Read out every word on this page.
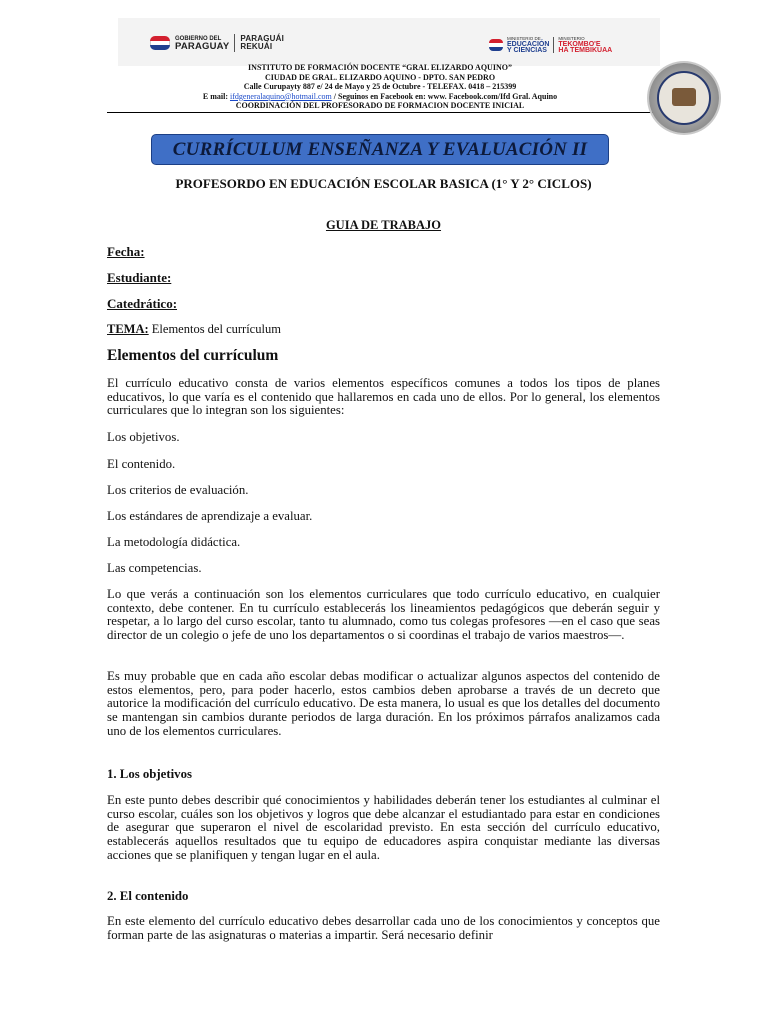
GOBIERNO DEL
PARAGUAY
PARAGUÁI
REKUÁI
MINISTERIO DE
EDUCACIÓN
Y CIENCIAS
MINISTERIO
TEKOMBO'E
HA TEMBIKUAA
INSTITUTO DE FORMACIÓN DOCENTE “GRAL ELIZARDO AQUINO”
CIUDAD DE GRAL. ELIZARDO AQUINO - DPTO. SAN PEDRO
Calle Curupayty 887 e/ 24 de Mayo y 25 de Octubre - TELEFAX. 0418 – 215399
E mail: ifdgeneralaquino@hotmail.com / Seguinos en Facebook en: www. Facebook.com/Ifd Gral. Aquino
COORDINACIÓN DEL PROFESORADO DE FORMACION DOCENTE INICIAL
CURRÍCULUM ENSEÑANZA Y EVALUACIÓN II
PROFESORDO EN EDUCACIÓN ESCOLAR BASICA (1° Y 2° CICLOS)
GUIA DE TRABAJO
Fecha:
Estudiante:
Catedrático:
TEMA: Elementos del currículum
Elementos del currículum
El currículo educativo consta de varios elementos específicos comunes a todos los tipos de planes educativos, lo que varía es el contenido que hallaremos en cada uno de ellos. Por lo general, los elementos curriculares que lo integran son los siguientes:
Los objetivos.
El contenido.
Los criterios de evaluación.
Los estándares de aprendizaje a evaluar.
La metodología didáctica.
Las competencias.
Lo que verás a continuación son los elementos curriculares que todo currículo educativo, en cualquier contexto, debe contener. En tu currículo establecerás los lineamientos pedagógicos que deberán seguir y respetar, a lo largo del curso escolar, tanto tu alumnado, como tus colegas profesores —en el caso que seas director de un colegio o jefe de uno los departamentos o si coordinas el trabajo de varios maestros—.
Es muy probable que en cada año escolar debas modificar o actualizar algunos aspectos del contenido de estos elementos, pero, para poder hacerlo, estos cambios deben aprobarse a través de un decreto que autorice la modificación del currículo educativo. De esta manera, lo usual es que los detalles del documento se mantengan sin cambios durante periodos de larga duración. En los próximos párrafos analizamos cada uno de los elementos curriculares.
1. Los objetivos
En este punto debes describir qué conocimientos y habilidades deberán tener los estudiantes al culminar el curso escolar, cuáles son los objetivos y logros que debe alcanzar el estudiantado para estar en condiciones de asegurar que superaron el nivel de escolaridad previsto. En esta sección del currículo educativo, establecerás aquellos resultados que tu equipo de educadores aspira conquistar mediante las diversas acciones que se planifiquen y tengan lugar en el aula.
2. El contenido
En este elemento del currículo educativo debes desarrollar cada uno de los conocimientos y conceptos que forman parte de las asignaturas o materias a impartir. Será necesario definir
